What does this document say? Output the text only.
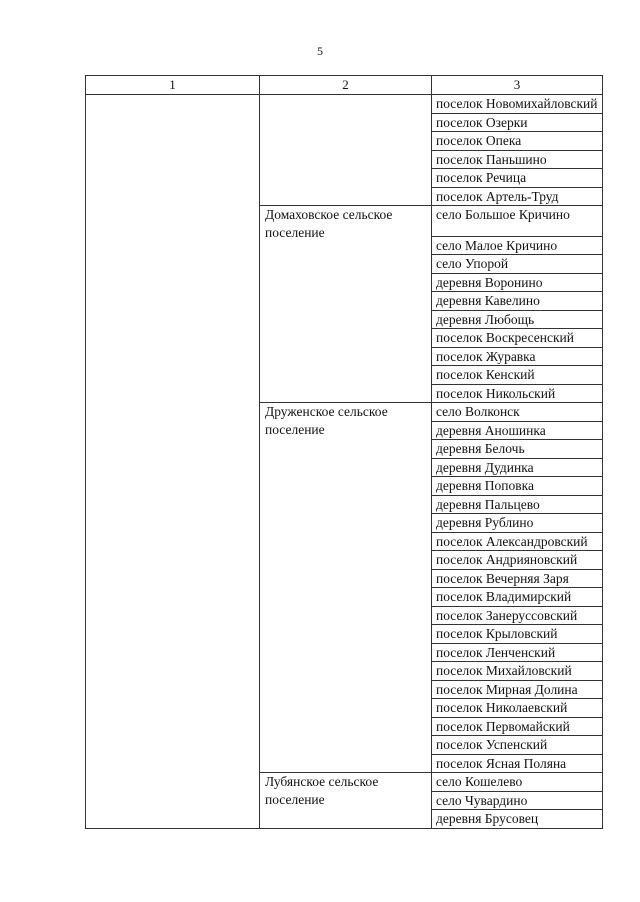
5
1	2	3
		поселок Новомихайловский
		поселок Озерки
		поселок Опека
		поселок Паньшино
		поселок Речица
		поселок Артель-Труд
	Домаховское сельское поселение	село Большое Кричино

		село Малое Кричино
		село Упорой
		деревня Воронино
		деревня Кавелино
		деревня Любощь
		поселок Воскресенский
		поселок Журавка
		поселок Кенский
		поселок Никольский
	Друженское сельское поселение	село Волконск
		деревня Аношинка
		деревня Белочь
		деревня Дудинка
		деревня Поповка
		деревня Пальцево
		деревня Рублино
		поселок Александровский
		поселок Андрияновский
		поселок Вечерняя Заря
		поселок Владимирский
		поселок Занеруссовский
		поселок Крыловский
		поселок Ленченский
		поселок Михайловский
		поселок Мирная Долина
		поселок Николаевский
		поселок Первомайский
		поселок Успенский
		поселок Ясная Поляна
	Лубянское сельское поселение	село Кошелево
		село Чувардино
		деревня Брусовец
